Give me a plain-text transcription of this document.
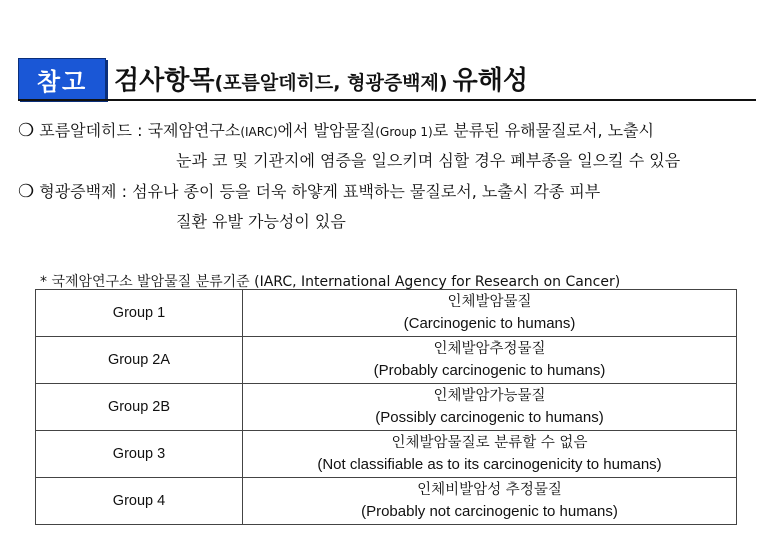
참고	검사항목(포름알데히드, 형광증백제) 유해성
❍ 포름알데히드 : 국제암연구소(IARC)에서 발암물질(Group 1)로 분류된 유해물질로서, 노출시
눈과 코 및 기관지에 염증을 일으키며 심할 경우 폐부종을 일으킬 수 있음
❍ 형광증백제 : 섬유나 종이 등을 더욱 하얗게 표백하는 물질로서, 노출시 각종 피부
질환 유발 가능성이 있음
* 국제암연구소 발암물질 분류기준 (IARC, International Agency for Research on Cancer)
Group 1	인체발암물질
(Carcinogenic to humans)

Group 2A	인체발암추정물질
(Probably carcinogenic to humans)

Group 2B	인체발암가능물질
(Possibly carcinogenic to humans)

Group 3	인체발암물질로 분류할 수 없음
(Not classifiable as to its carcinogenicity to humans)

Group 4	인체비발암성 추정물질
(Probably not carcinogenic to humans)
